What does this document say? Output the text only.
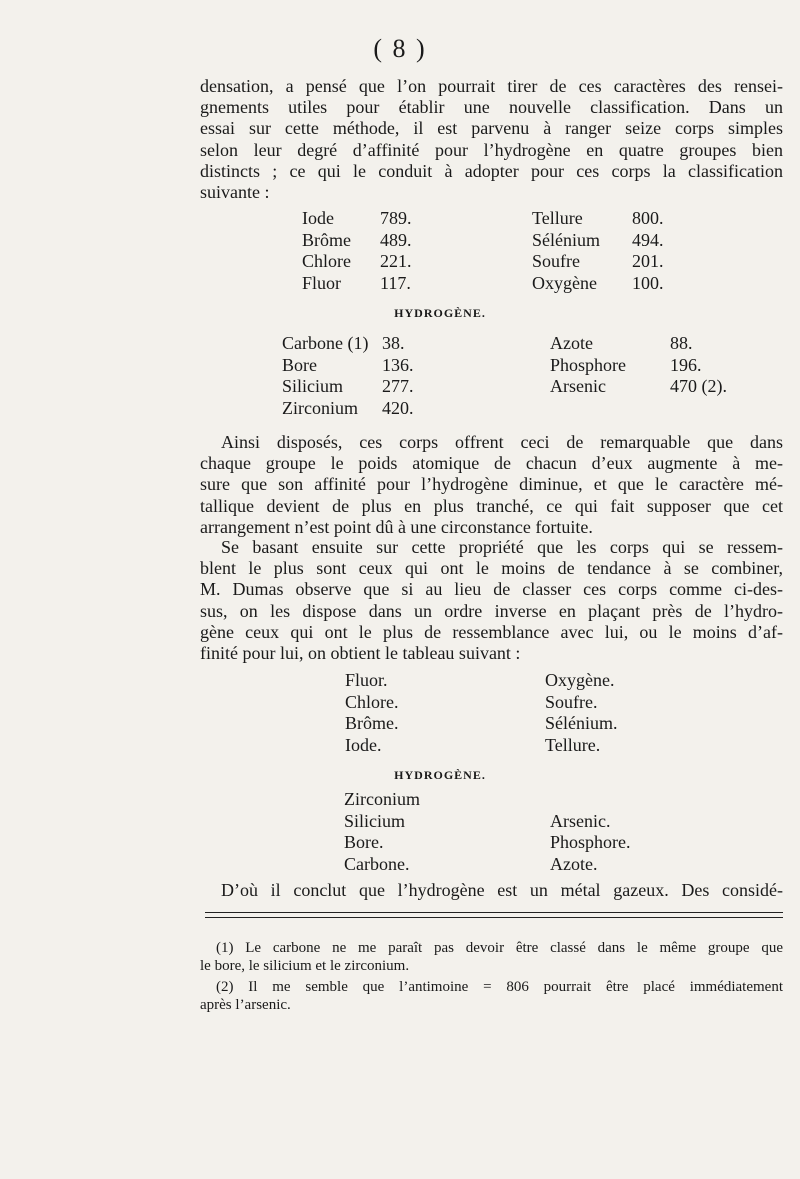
( 8 )
densation, a pensé que l’on pourrait tirer de ces caractères des rensei-
gnements utiles pour établir une nouvelle classification. Dans un
essai sur cette méthode, il est parvenu à ranger seize corps simples
selon leur degré d’affinité pour l’hydrogène en quatre groupes bien
distincts ; ce qui le conduit à adopter pour ces corps la classification
suivante :
Iode	789.	Tellure	800.
Brôme	489.	Sélénium	494.
Chlore	221.	Soufre	201.
Fluor	117.	Oxygène	100.
HYDROGÈNE.
Carbone (1)	38.	Azote	88.
Bore	136.	Phosphore	196.
Silicium	277.	Arsenic	470 (2).
Zirconium	420.		
Ainsi disposés, ces corps offrent ceci de remarquable que dans
chaque groupe le poids atomique de chacun d’eux augmente à me-
sure que son affinité pour l’hydrogène diminue, et que le caractère mé-
tallique devient de plus en plus tranché, ce qui fait supposer que cet
arrangement n’est point dû à une circonstance fortuite.
Se basant ensuite sur cette propriété que les corps qui se ressem-
blent le plus sont ceux qui ont le moins de tendance à se combiner,
M. Dumas observe que si au lieu de classer ces corps comme ci-des-
sus, on les dispose dans un ordre inverse en plaçant près de l’hydro-
gène ceux qui ont le plus de ressemblance avec lui, ou le moins d’af-
finité pour lui, on obtient le tableau suivant :
Fluor.	Oxygène.
Chlore.	Soufre.
Brôme.	Sélénium.
Iode.	Tellure.
HYDROGÈNE.
Zirconium	
Silicium	Arsenic.
Bore.	Phosphore.
Carbone.	Azote.
D’où il conclut que l’hydrogène est un métal gazeux. Des considé-
(1) Le carbone ne me paraît pas devoir être classé dans le même groupe que
le bore, le silicium et le zirconium.
(2) Il me semble que l’antimoine = 806 pourrait être placé immédiatement
après l’arsenic.
